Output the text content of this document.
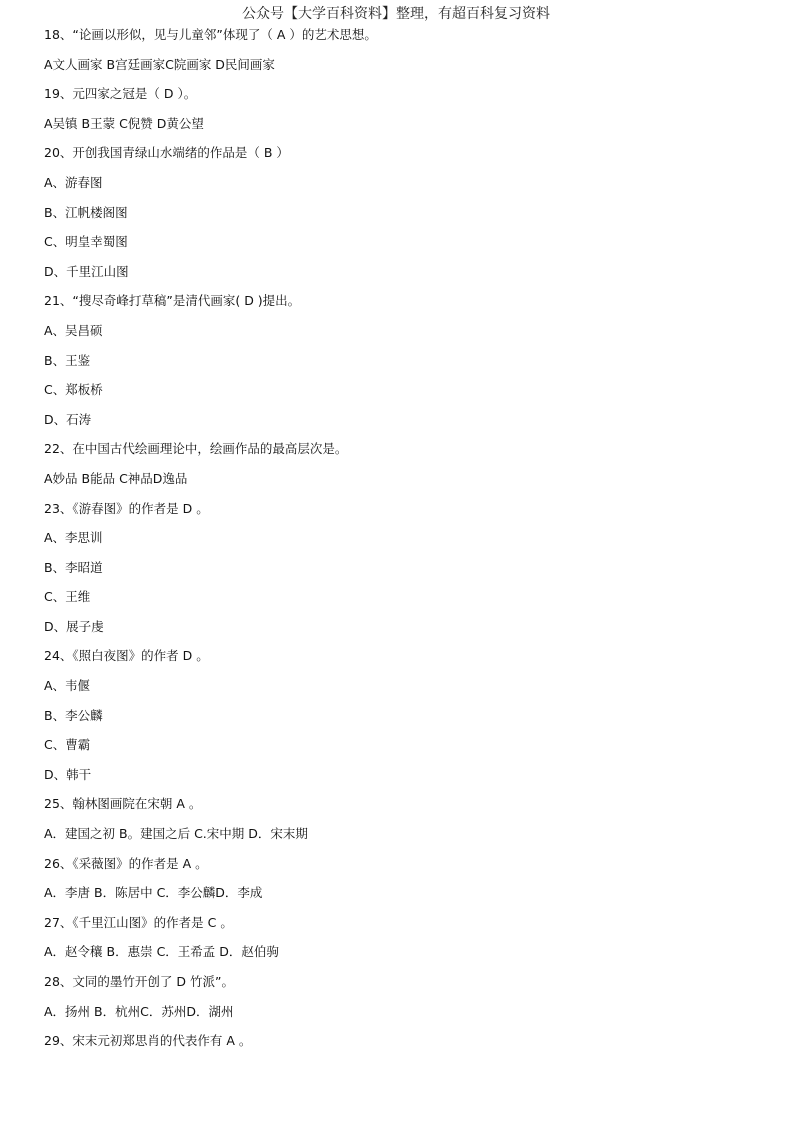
公众号【大学百科资料】整理，有超百科复习资料
18、“论画以形似，见与儿童邻”体现了（ A ）的艺术思想。
A文人画家 B宫廷画家C院画家 D民间画家
19、元四家之冠是（ D ）。
A吴镇 B王蒙 C倪赞 D黄公望
20、开创我国青绿山水端绪的作品是（ B ）
A、游春图
B、江帆楼阁图
C、明皇幸蜀图
D、千里江山图
21、“搜尽奇峰打草稿”是清代画家( D )提出。
A、吴昌硕
B、王鉴
C、郑板桥
D、石涛
22、在中国古代绘画理论中，绘画作品的最高层次是。
A妙品 B能品 C神品D逸品
23、《游春图》的作者是 D 。
A、李思训
B、李昭道
C、王维
D、展子虔
24、《照白夜图》的作者 D 。
A、韦偃
B、李公麟
C、曹霸
D、韩干
25、翰林图画院在宋朝 A 。
A．建国之初 B。建国之后 C.宋中期 D．宋末期
26、《采薇图》的作者是 A 。
A．李唐 B．陈居中 C．李公麟D．李成
27、《千里江山图》的作者是 C 。
A．赵令穰 B．惠崇 C．王希孟 D．赵伯驹
28、文同的墨竹开创了 D 竹派”。
A．扬州 B．杭州C．苏州D．湖州
29、宋末元初郑思肖的代表作有 A 。
